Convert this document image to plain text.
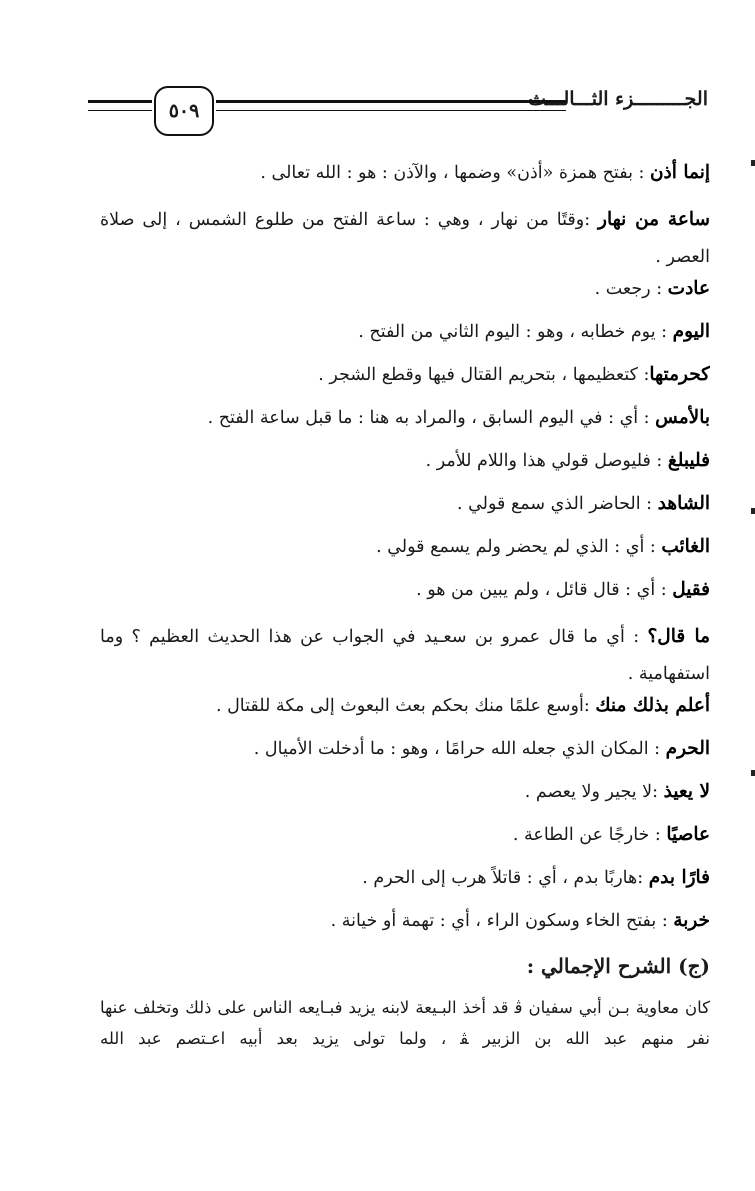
الجـــــــــزء الثـــالـــث
٥٠٩

إنما أذن : بفتح همزة «أذن» وضمها ، والآذن : هو : الله تعالى .

ساعة من نهار :وقتًا من نهار ، وهي : ساعة الفتح من طلوع الشمس ، إلى صلاة العصر .

عادت : رجعت .

اليوم : يوم خطابه ، وهو : اليوم الثاني من الفتح .

كحرمتها: كتعظيمها ، بتحريم القتال فيها وقطع الشجر .

بالأمس : أي : في اليوم السابق ، والمراد به هنا : ما قبل ساعة الفتح .

فليبلغ : فليوصل قولي هذا واللام للأمر .

الشاهد : الحاضر الذي سمع قولي .

الغائب : أي : الذي لم يحضر ولم يسمع قولي .

فقيل : أي : قال قائل ، ولم يبين من هو .

ما قال؟ : أي ما قال عمرو بن سعـيد في الجواب عن هذا الحديث العظيم ؟ وما استفهامية .

أعلم بذلك منك :أوسع علمًا منك بحكم بعث البعوث إلى مكة للقتال .

الحرم : المكان الذي جعله الله حرامًا ، وهو : ما أدخلت الأميال .

لا يعيذ :لا يجير ولا يعصم .

عاصيًا : خارجًا عن الطاعة .

فارًا بدم :هاربًا بدم ، أي : قاتلاً هرب إلى الحرم .

خربة : بفتح الخاء وسكون الراء ، أي : تهمة أو خيانة .

(ج) الشرح الإجمالي :

كان معاوية بـن أبي سفيان ﭬ قد أخذ البـيعة لابنه يزيد فبـايعه الناس على ذلك وتخلف عنها نفر منهم عبد الله بن الزبير ﭭ ، ولما تولى يزيد بعد أبيه اعـتصم عبد الله
